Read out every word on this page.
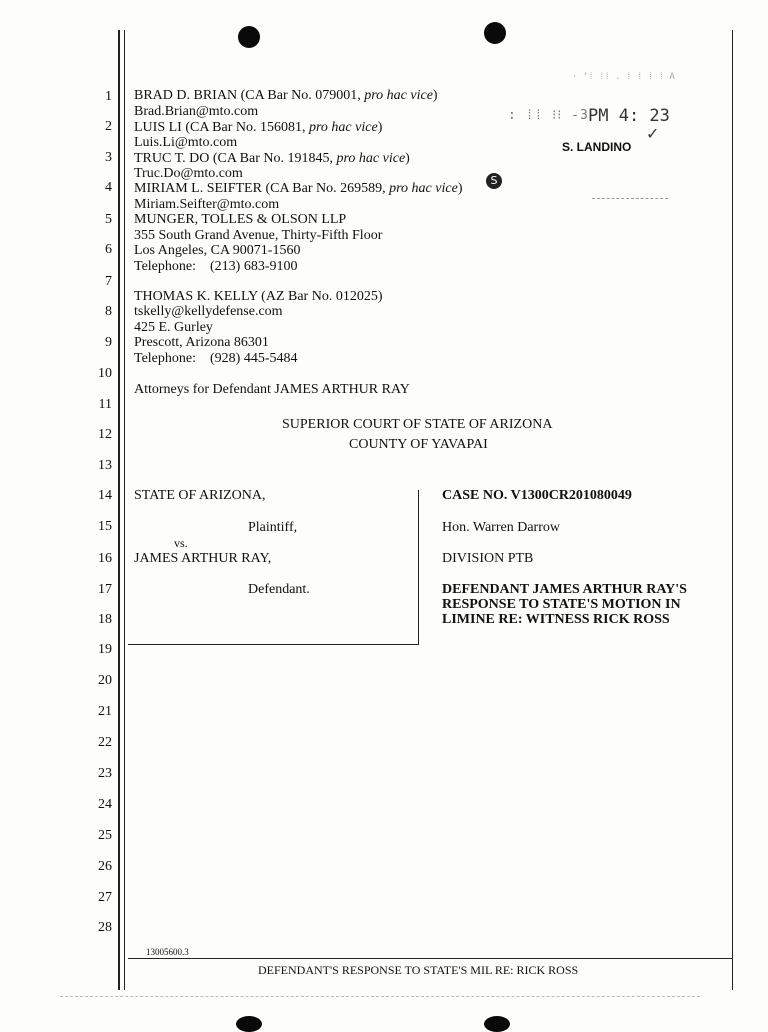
1
2
3
4
5
6
7
8
9
10
11
12
13
14
15
16
17
18
19
20
21
22
23
24
25
26
27
28
BRAD D. BRIAN (CA Bar No. 079001, pro hac vice)
Brad.Brian@mto.com
LUIS LI (CA Bar No. 156081, pro hac vice)
Luis.Li@mto.com
TRUC T. DO (CA Bar No. 191845, pro hac vice)
Truc.Do@mto.com
MIRIAM L. SEIFTER (CA Bar No. 269589, pro hac vice)
Miriam.Seifter@mto.com
MUNGER, TOLLES & OLSON LLP
355 South Grand Avenue, Thirty-Fifth Floor
Los Angeles, CA 90071-1560
Telephone: (213) 683-9100
THOMAS K. KELLY (AZ Bar No. 012025)
tskelly@kellydefense.com
425 E. Gurley
Prescott, Arizona 86301
Telephone: (928) 445-5484
Attorneys for Defendant JAMES ARTHUR RAY
: ⁞⁞ ⁝⁝ -3 PM 4: 23
✓
S. LANDINO
· ʼ⁞ ⁞⁞ . ⁞ ⁞ ⁞ ⁞ A
S
SUPERIOR COURT OF STATE OF ARIZONA
COUNTY OF YAVAPAI
STATE OF ARIZONA,
Plaintiff,
vs.
JAMES ARTHUR RAY,
Defendant.
CASE NO. V1300CR201080049
Hon. Warren Darrow
DIVISION PTB
DEFENDANT JAMES ARTHUR RAY'S
RESPONSE TO STATE'S MOTION IN
LIMINE RE: WITNESS RICK ROSS
13005600.3
DEFENDANT'S RESPONSE TO STATE'S MIL RE: RICK ROSS
